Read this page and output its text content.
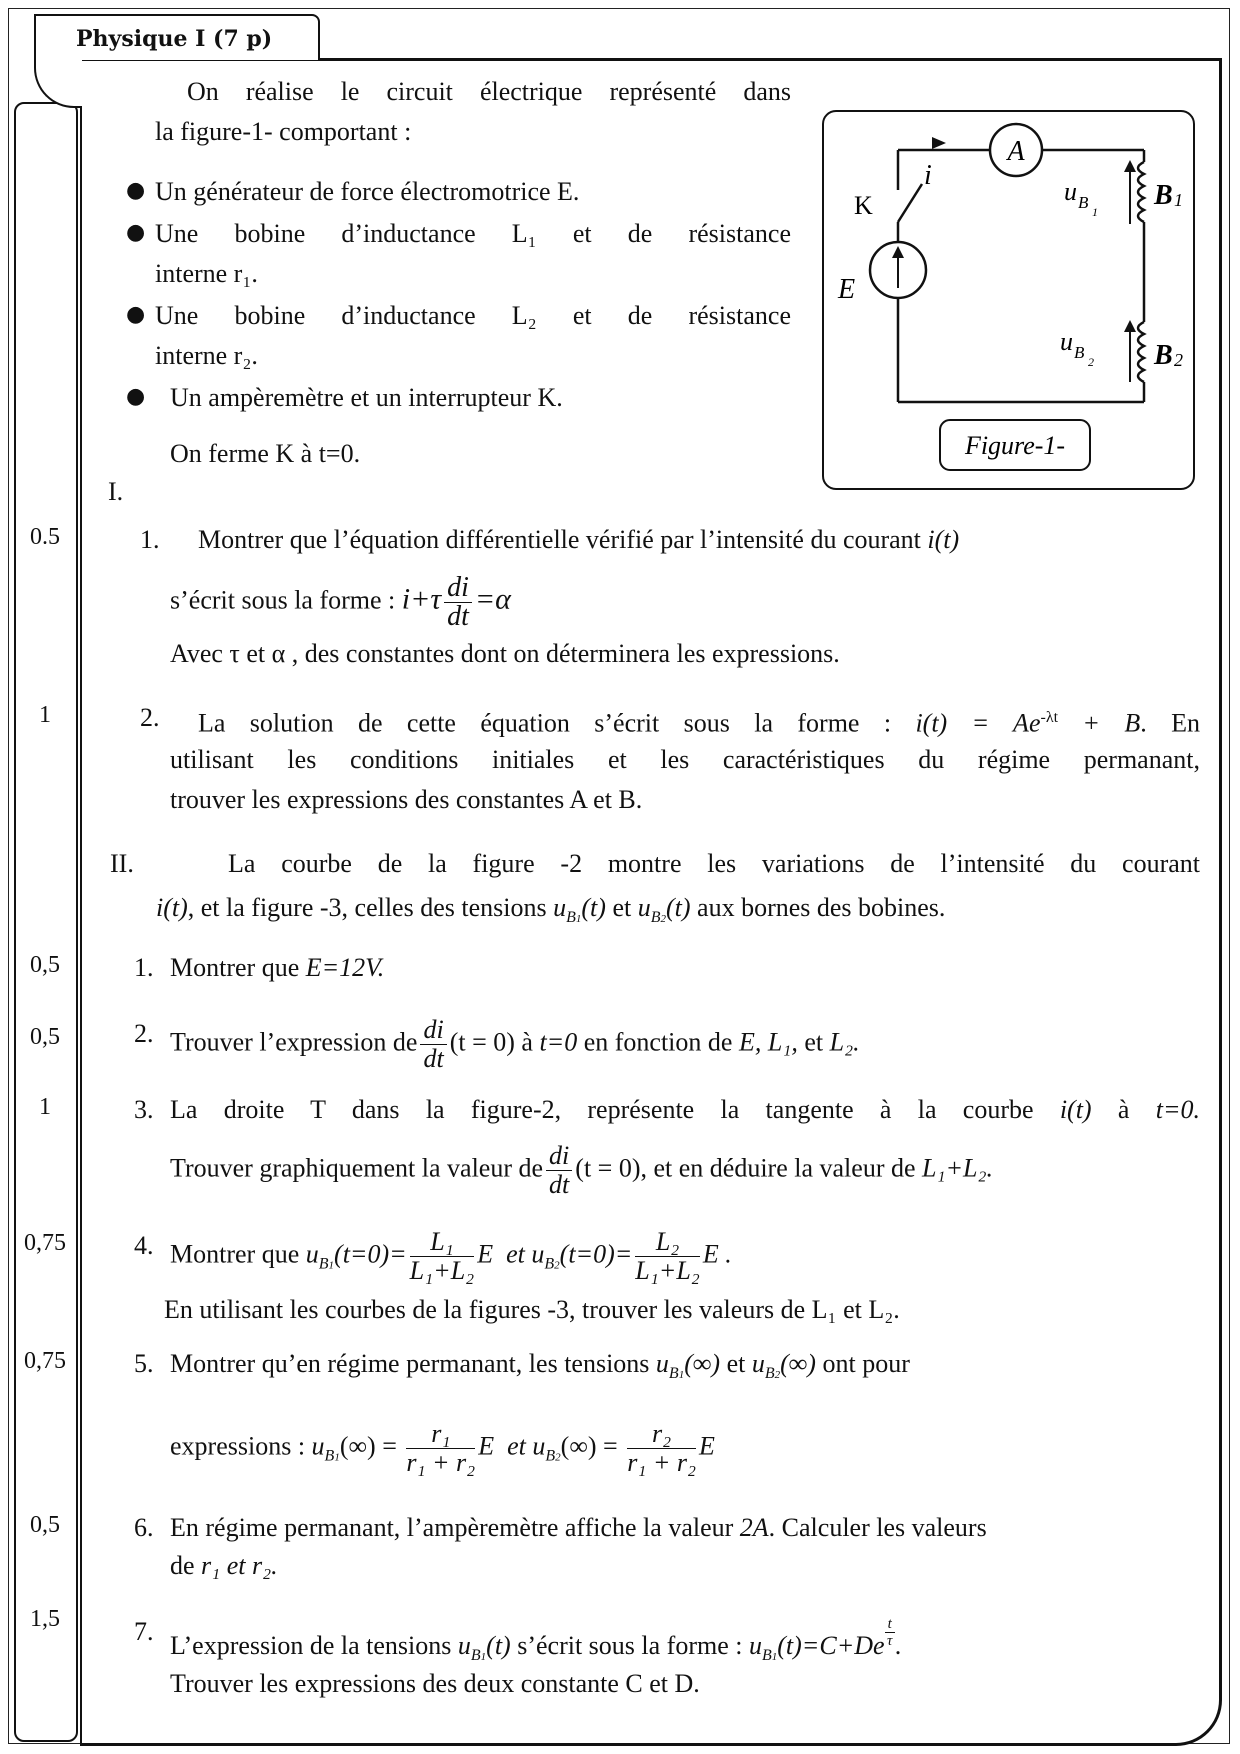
Physique I (7 p)
0.5
1
0,5
0,5
1
0,75
0,75
0,5
1,5
On réalise le circuit électrique représenté dans
la figure-1- comportant :
● Un générateur de force électromotrice E.
● Une bobine d’inductance L₁ et de résistance
interne r₁.
● Une bobine d’inductance L₂ et de résistance
interne r₂.
● Un ampèremètre et un interrupteur K.
On ferme K à t=0.
A
i
K
E
u B 1
B 1
u B 2 B 2
Figure-1-
I.
1. Montrer que l’équation différentielle vérifié par l’intensité du courant i(t)
s’écrit sous la forme : $i+\tau \frac{di}{dt} =\alpha$
Avec τ et α , des constantes dont on déterminera les expressions.
2. La solution de cette équation s’écrit sous la forme : $i(t) = Ae^{-\lambda t} + B$. En
utilisant les conditions initiales et les caractéristiques du régime permanant,
trouver les expressions des constantes A et B.
II.	La courbe de la figure -2 montre les variations de l’intensité du courant
i(t), et la figure -3, celles des tensions $u_{B1}(t)$ et $u_{B2}(t)$ aux bornes des bobines.
1. Montrer que E=12V.
2. Trouver l’expression de $\frac{di}{dt} (t = 0)$ à t=0 en fonction de E, L₁, et L₂.
3. La droite T dans la figure-2, représente la tangente à la courbe i(t) à t=0.
Trouver graphiquement la valeur de $\frac{di}{dt} (t = 0)$, et en déduire la valeur de L₁+L₂.
4. Montrer que $u_{B1}(t=0)= \frac{\text{L₁}}{\text{L₁+L₂}}$ E et $u_{B2}(t=0)= \frac{\text{L₂}}{\text{L₁+L₂}}$ E .
En utilisant les courbes de la figures -3, trouver les valeurs de L₁ et L₂.
5. Montrer qu’en régime permanant, les tensions $u_{B1}(\infty)$ et $u_{B2}(\infty)$ ont pour
expressions : $u_{B1}(\infty) = \frac{\text{r₁}}{\text{r₁ + r₂}}$ E et $u_{B2}(\infty) = \frac{\text{r₂}}{\text{r₁ + r₂}}$ E
6. En régime permanant, l’ampèremètre affiche la valeur 2A. Calculer les valeurs
de r₁ et r₂.
7. L’expression de la tensions $u_{B1}(t)$ s’écrit sous la forme : $u_{B1}(t)=C+De$ $^{\frac{t}{\tau}}$ .
Trouver les expressions des deux constante C et D.
